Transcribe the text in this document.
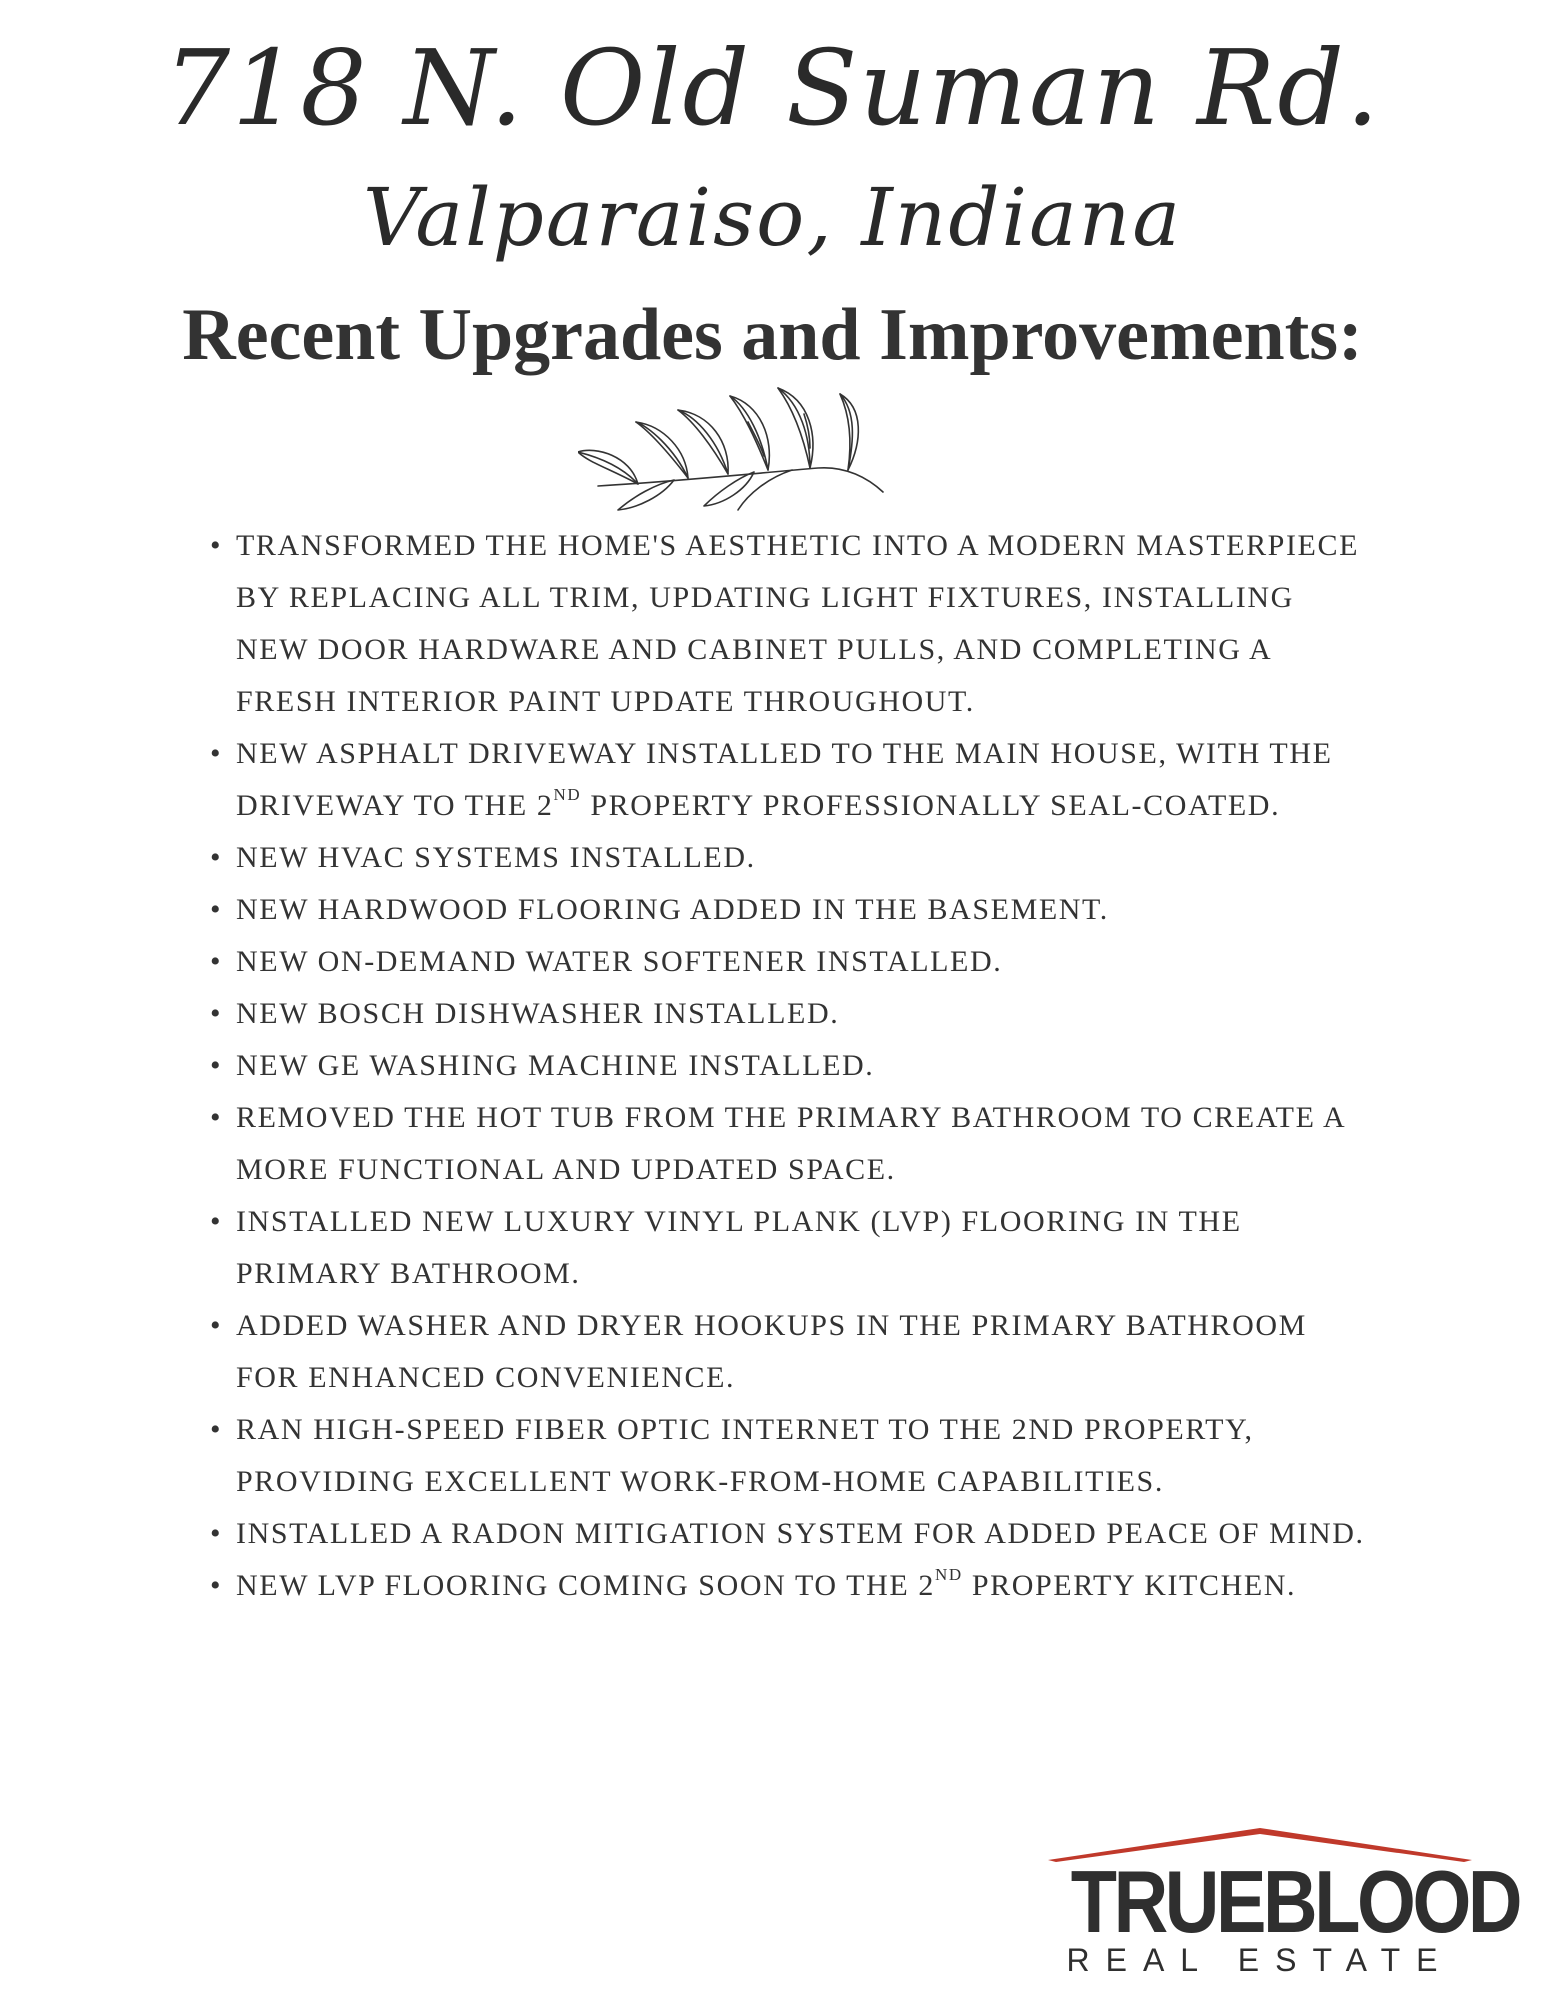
718 N. Old Suman Rd.
Valparaiso, Indiana
Recent Upgrades and Improvements:
• TRANSFORMED THE HOME'S AESTHETIC INTO A MODERN MASTERPIECE BY REPLACING ALL TRIM, UPDATING LIGHT FIXTURES, INSTALLING NEW DOOR HARDWARE AND CABINET PULLS, AND COMPLETING A FRESH INTERIOR PAINT UPDATE THROUGHOUT.
• NEW ASPHALT DRIVEWAY INSTALLED TO THE MAIN HOUSE, WITH THE DRIVEWAY TO THE 2ND PROPERTY PROFESSIONALLY SEAL-COATED.
• NEW HVAC SYSTEMS INSTALLED.
• NEW HARDWOOD FLOORING ADDED IN THE BASEMENT.
• NEW ON-DEMAND WATER SOFTENER INSTALLED.
• NEW BOSCH DISHWASHER INSTALLED.
• NEW GE WASHING MACHINE INSTALLED.
• REMOVED THE HOT TUB FROM THE PRIMARY BATHROOM TO CREATE A MORE FUNCTIONAL AND UPDATED SPACE.
• INSTALLED NEW LUXURY VINYL PLANK (LVP) FLOORING IN THE PRIMARY BATHROOM.
• ADDED WASHER AND DRYER HOOKUPS IN THE PRIMARY BATHROOM FOR ENHANCED CONVENIENCE.
• RAN HIGH-SPEED FIBER OPTIC INTERNET TO THE 2ND PROPERTY, PROVIDING EXCELLENT WORK-FROM-HOME CAPABILITIES.
• INSTALLED A RADON MITIGATION SYSTEM FOR ADDED PEACE OF MIND.
• NEW LVP FLOORING COMING SOON TO THE 2ND PROPERTY KITCHEN.
TRUEBLOOD
REAL ESTATE
